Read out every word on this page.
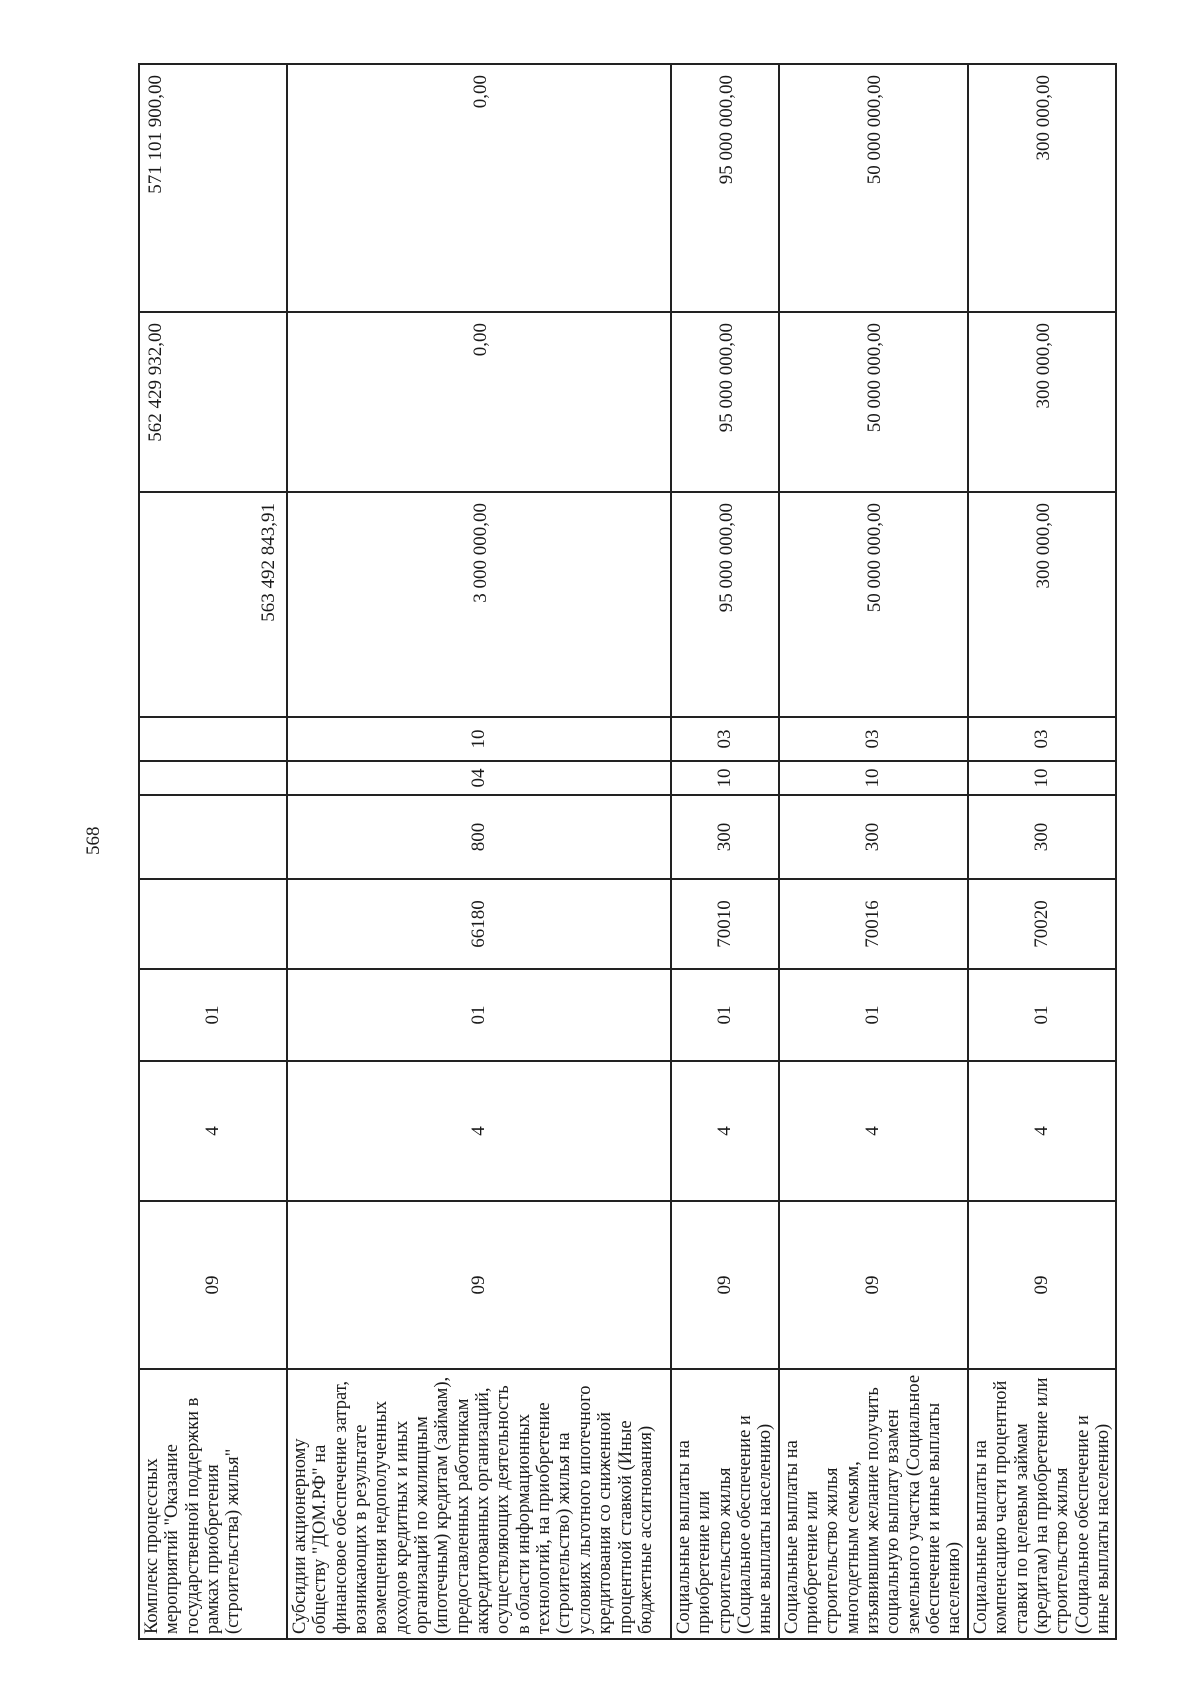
568
Комплекс процессных мероприятий "Оказание государственной поддержки в рамках приобретения (строительства) жилья"	09	4	01					563 492 843,91	562 429 932,00	571 101 900,00
Субсидии акционерному обществу "ДОМ.РФ" на финансовое обеспечение затрат, возникающих в результате возмещения недополученных доходов кредитных и иных организаций по жилищным (ипотечным) кредитам (займам), предоставленных работникам аккредитованных организаций, осуществляющих деятельность в области информационных технологий, на приобретение (строительство) жилья на условиях льготного ипотечного кредитования со сниженной процентной ставкой (Иные бюджетные ассигнования)	09	4	01	66180	800	04	10	3 000 000,00	0,00	0,00
Социальные выплаты на приобретение или строительство жилья (Социальное обеспечение и иные выплаты населению)	09	4	01	70010	300	10	03	95 000 000,00	95 000 000,00	95 000 000,00
Социальные выплаты на приобретение или строительство жилья многодетным семьям, изъявившим желание получить социальную выплату взамен земельного участка (Социальное обеспечение и иные выплаты населению)	09	4	01	70016	300	10	03	50 000 000,00	50 000 000,00	50 000 000,00
Социальные выплаты на компенсацию части процентной ставки по целевым займам (кредитам) на приобретение или строительство жилья (Социальное обеспечение и иные выплаты населению)	09	4	01	70020	300	10	03	300 000,00	300 000,00	300 000,00
